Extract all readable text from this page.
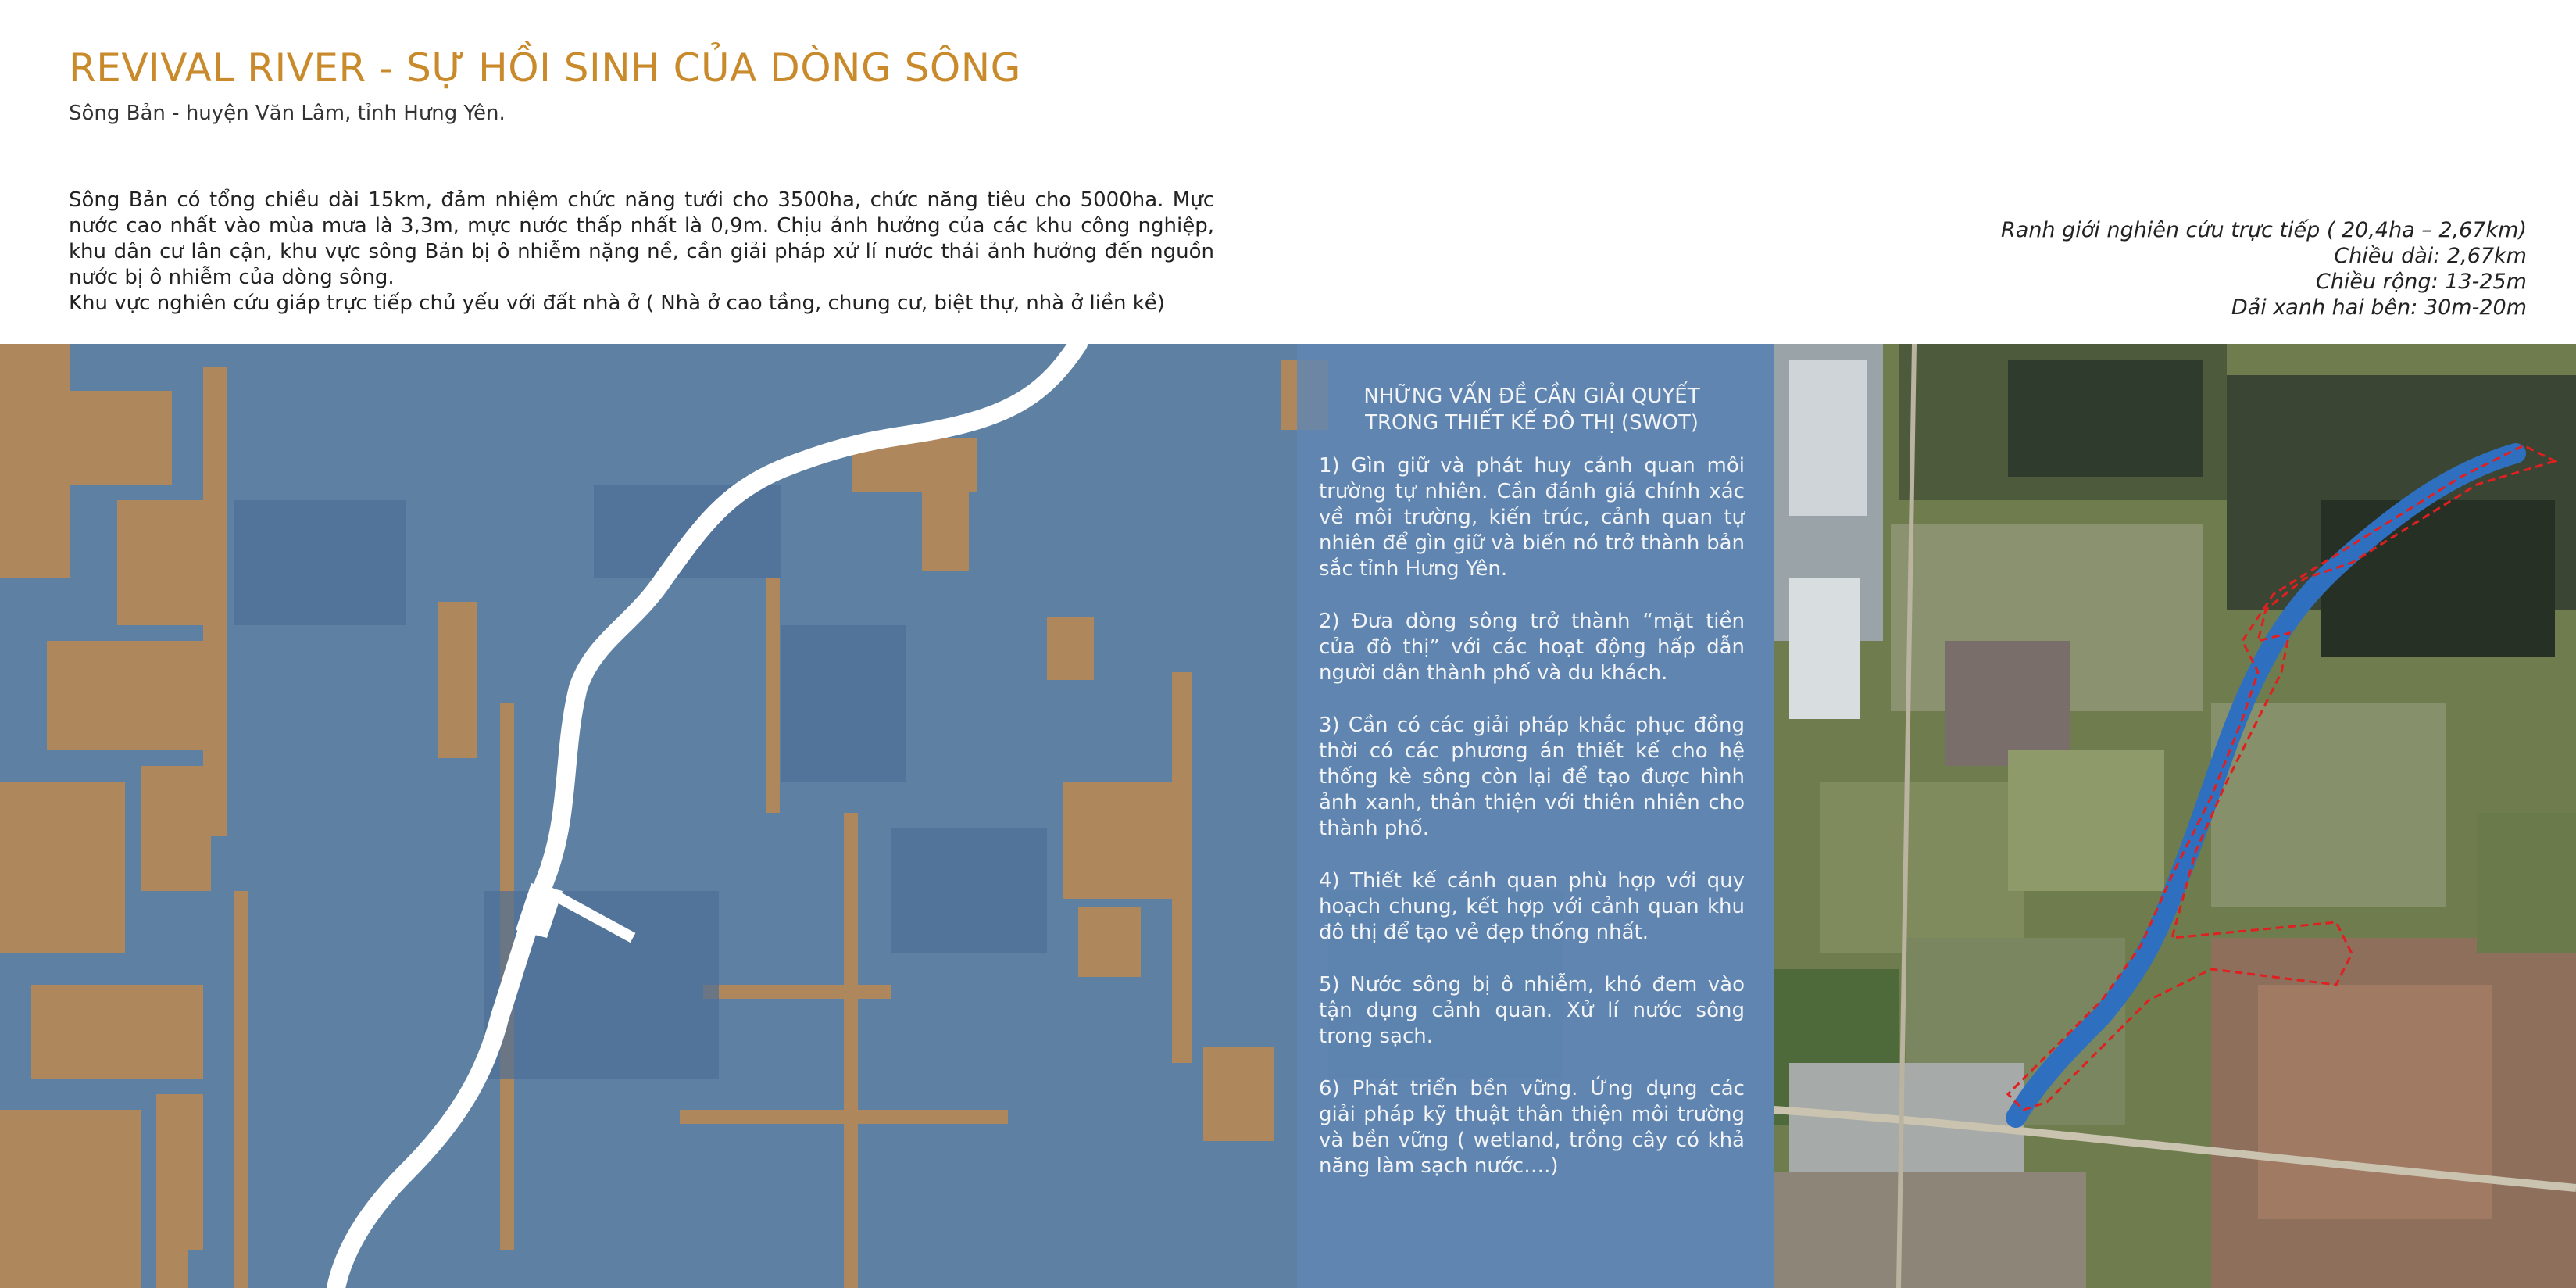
REVIVAL RIVER - SỰ HỒI SINH CỦA DÒNG SÔNG
Sông Bản - huyện Văn Lâm, tỉnh Hưng Yên.

Sông Bản có tổng chiều dài 15km, đảm nhiệm chức năng tưới cho 3500ha, chức năng tiêu cho 5000ha. Mực nước cao nhất vào mùa mưa là 3,3m, mực nước thấp nhất là 0,9m. Chịu ảnh hưởng của các khu công nghiệp, khu dân cư lân cận, khu vực sông Bản bị ô nhiễm nặng nề, cần giải pháp xử lí nước thải ảnh hưởng đến nguồn nước bị ô nhiễm của dòng sông.

Khu vực nghiên cứu giáp trực tiếp chủ yếu với đất nhà ở ( Nhà ở cao tầng, chung cư, biệt thự, nhà ở liền kề)

Ranh giới nghiên cứu trực tiếp ( 20,4ha – 2,67km)
Chiều dài: 2,67km
Chiều rộng: 13-25m
Dải xanh hai bên: 30m-20m
NHỮNG VẤN ĐỀ CẦN GIẢI QUYẾT
TRONG THIẾT KẾ ĐÔ THỊ (SWOT)
1) Gìn giữ và phát huy cảnh quan môi trường tự nhiên. Cần đánh giá chính xác về môi trường, kiến trúc, cảnh quan tự nhiên để gìn giữ và biến nó trở thành bản sắc tỉnh Hưng Yên.
2) Đưa dòng sông trở thành “mặt tiền của đô thị” với các hoạt động hấp dẫn người dân thành phố và du khách.
3) Cần có các giải pháp khắc phục đồng thời có các phương án thiết kế cho hệ thống kè sông còn lại để tạo được hình ảnh xanh, thân thiện với thiên nhiên cho thành phố.
4) Thiết kế cảnh quan phù hợp với quy hoạch chung, kết hợp với cảnh quan khu đô thị để tạo vẻ đẹp thống nhất.
5) Nước sông bị ô nhiễm, khó đem vào tận dụng cảnh quan. Xử lí nước sông trong sạch.
6) Phát triển bền vững. Ứng dụng các giải pháp kỹ thuật thân thiện môi trường và bền vững ( wetland, trồng cây có khả năng làm sạch nước….)
